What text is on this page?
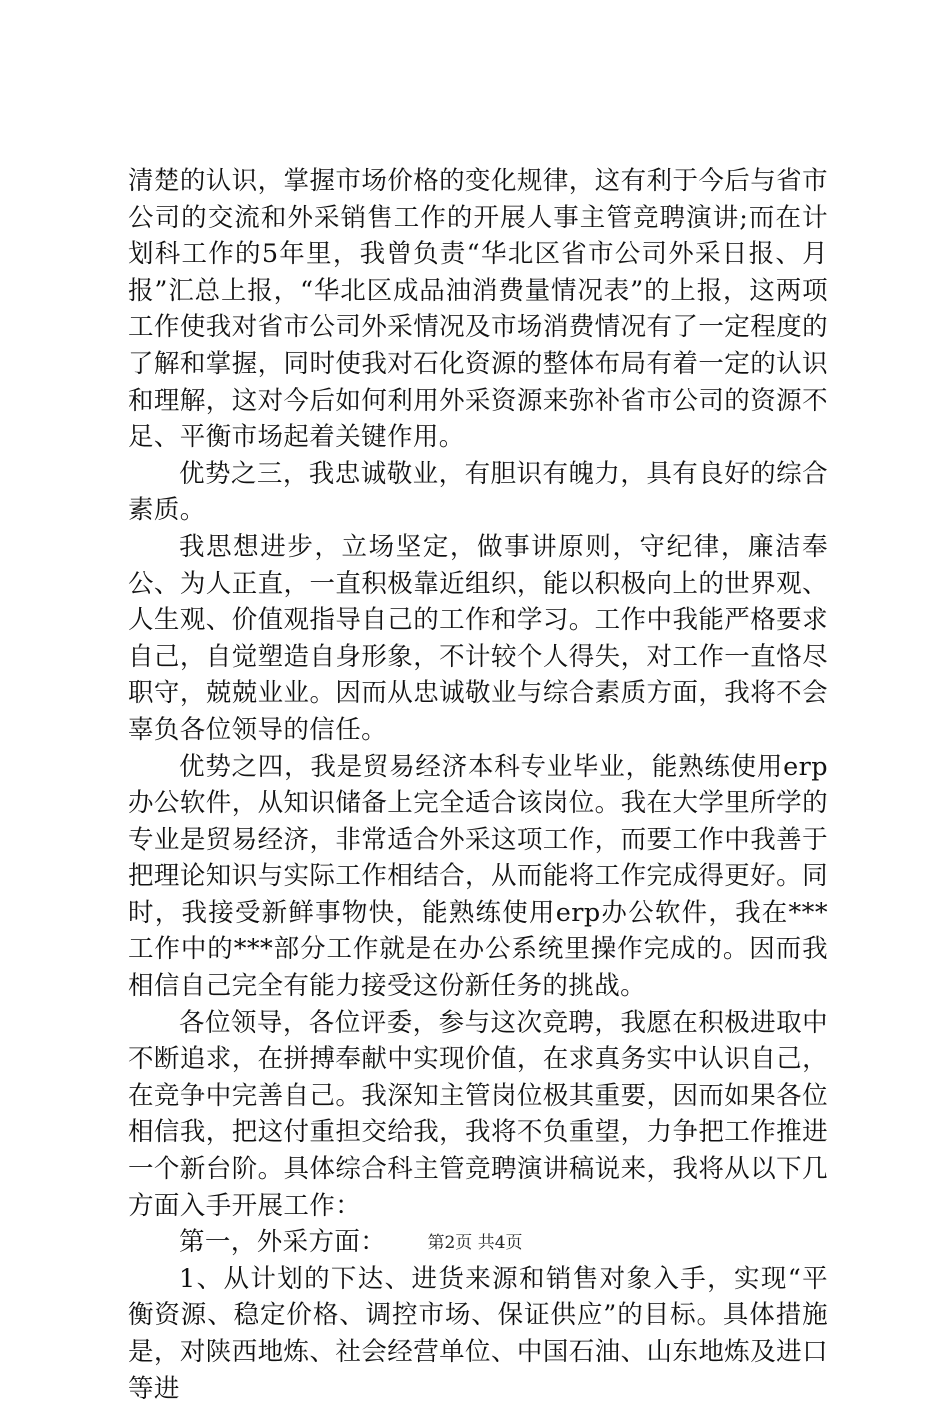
清楚的认识，掌握市场价格的变化规律，这有利于今后与省市公司的交流和外采销售工作的开展人事主管竞聘演讲;而在计划科工作的5年里，我曾负责“华北区省市公司外采日报、月报”汇总上报，“华北区成品油消费量情况表”的上报，这两项工作使我对省市公司外采情况及市场消费情况有了一定程度的了解和掌握，同时使我对石化资源的整体布局有着一定的认识和理解，这对今后如何利用外采资源来弥补省市公司的资源不足、平衡市场起着关键作用。

优势之三，我忠诚敬业，有胆识有魄力，具有良好的综合素质。

我思想进步，立场坚定，做事讲原则，守纪律，廉洁奉公、为人正直，一直积极靠近组织，能以积极向上的世界观、人生观、价值观指导自己的工作和学习。工作中我能严格要求自己，自觉塑造自身形象，不计较个人得失，对工作一直恪尽职守，兢兢业业。因而从忠诚敬业与综合素质方面，我将不会辜负各位领导的信任。

优势之四，我是贸易经济本科专业毕业，能熟练使用erp办公软件，从知识储备上完全适合该岗位。我在大学里所学的专业是贸易经济，非常适合外采这项工作，而要工作中我善于把理论知识与实际工作相结合，从而能将工作完成得更好。同时，我接受新鲜事物快，能熟练使用erp办公软件，我在***工作中的***部分工作就是在办公系统里操作完成的。因而我相信自己完全有能力接受这份新任务的挑战。

各位领导，各位评委，参与这次竞聘，我愿在积极进取中不断追求，在拼搏奉献中实现价值，在求真务实中认识自己，在竞争中完善自己。我深知主管岗位极其重要，因而如果各位相信我，把这付重担交给我，我将不负重望，力争把工作推进一个新台阶。具体综合科主管竞聘演讲稿说来，我将从以下几方面入手开展工作：

第一，外采方面：

1、从计划的下达、进货来源和销售对象入手，实现“平衡资源、稳定价格、调控市场、保证供应”的目标。具体措施是，对陕西地炼、社会经营单位、中国石油、山东地炼及进口等进

第2页 共4页
